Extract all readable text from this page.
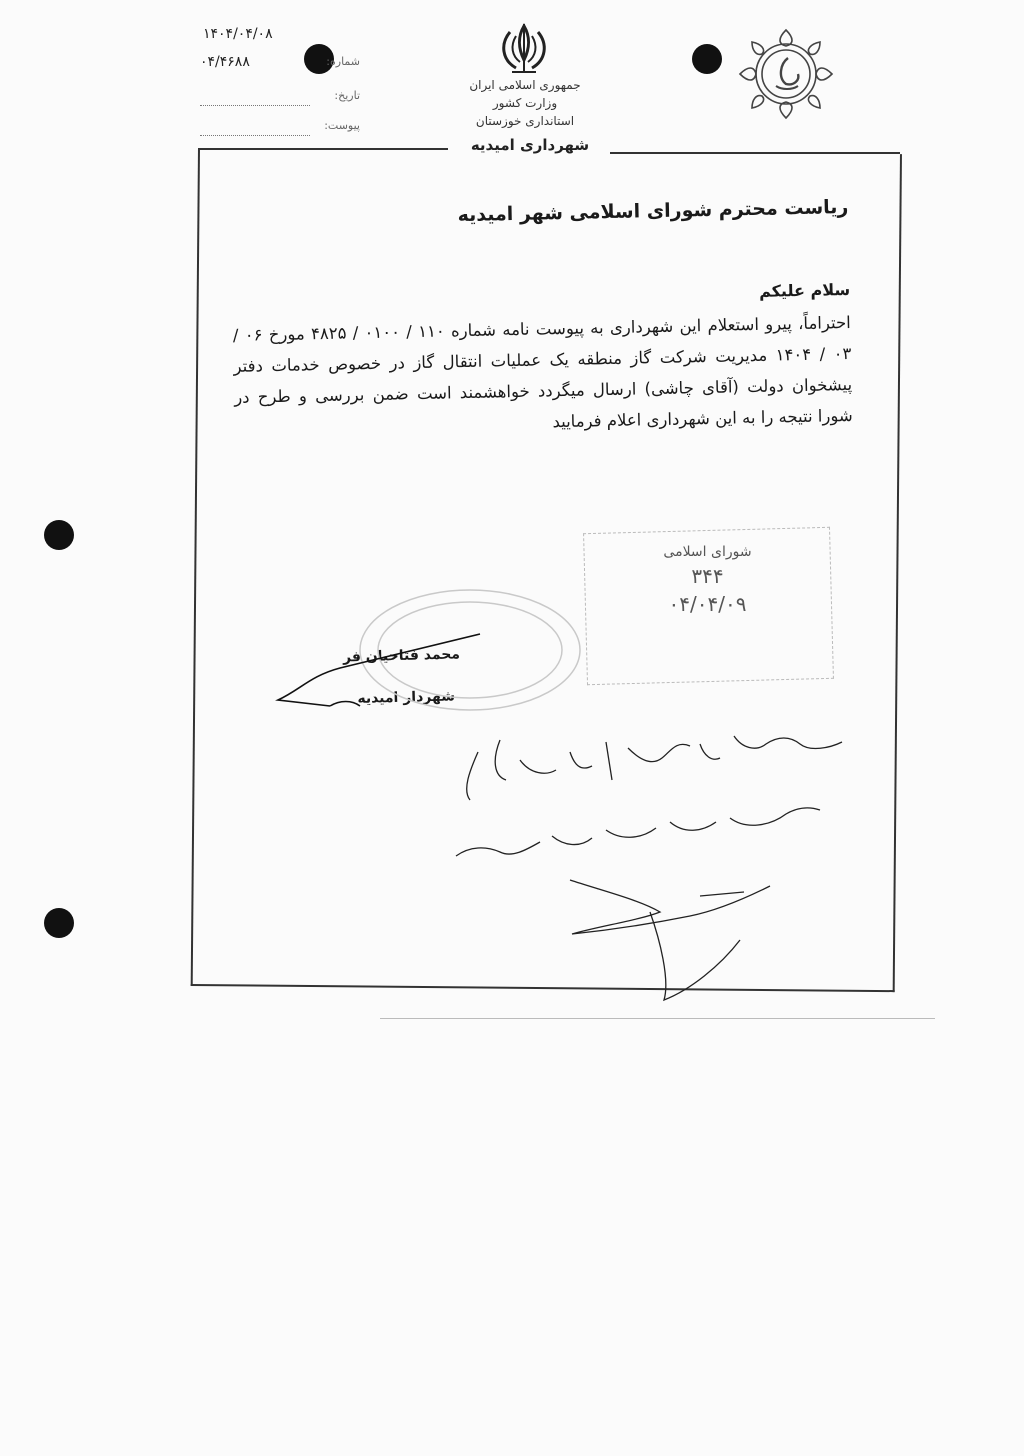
۱۴۰۴/۰۴/۰۸
۰۴/۴۶۸۸	شماره:
تاریخ:
پیوست:
جمهوری اسلامی ایران
وزارت کشور
استانداری خوزستان
شهرداری امیدیه

ریاست محترم شورای اسلامی شهر امیدیه

سلام علیکم

احتراماً، پیرو استعلام این شهرداری به پیوست نامه شماره ۱۱۰ / ۰۱۰۰ / ۴۸۲۵ مورخ ۰۶ / ۰۳ / ۱۴۰۴ مدیریت شرکت گاز منطقه یک عملیات انتقال گاز در خصوص خدمات دفتر پیشخوان دولت (آقای چاشی) ارسال میگردد خواهشمند است ضمن بررسی و طرح در شورا نتیجه را به این شهرداری اعلام فرمایید

شورای اسلامی
۳۴۴
۰۴/۰۴/۰۹
محمد فتاحیان فر
شهردار امیدیه
